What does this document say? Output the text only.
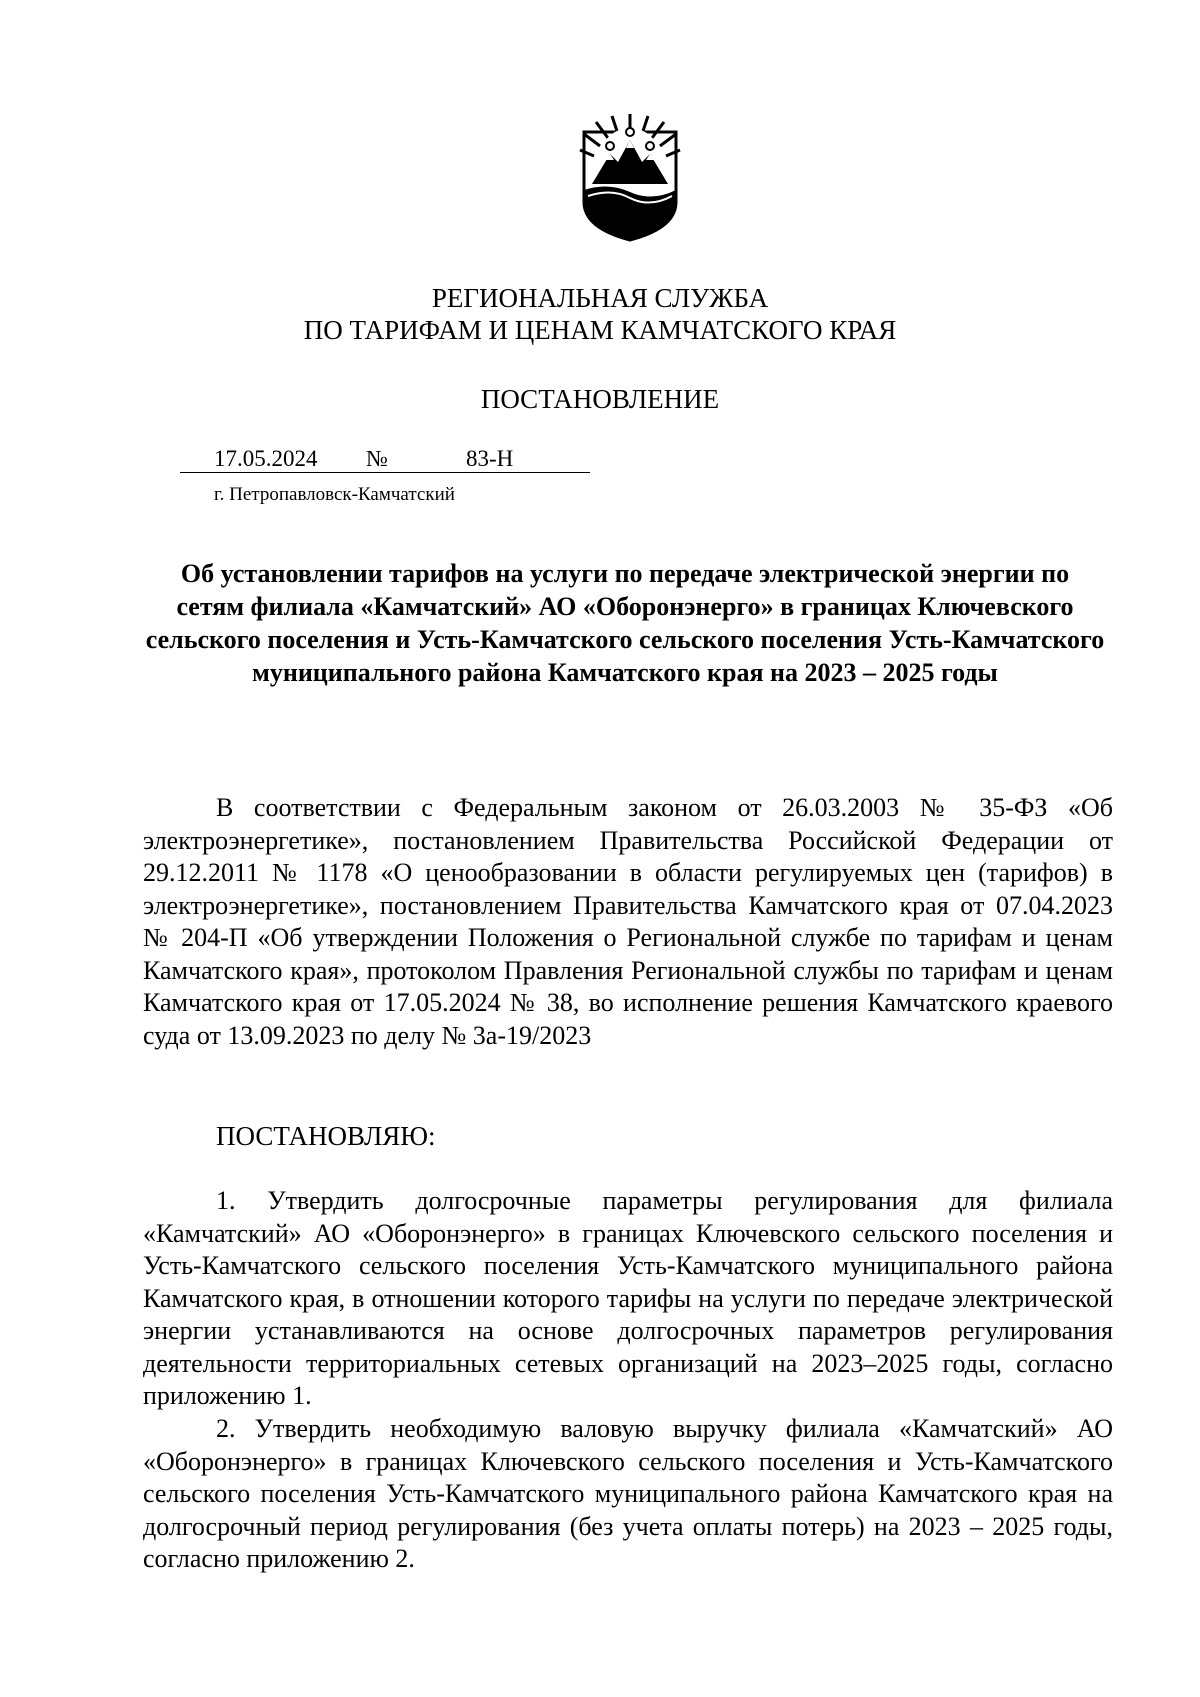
РЕГИОНАЛЬНАЯ СЛУЖБА
ПО ТАРИФАМ И ЦЕНАМ КАМЧАТСКОГО КРАЯ
ПОСТАНОВЛЕНИЕ
17.05.2024 №	83-Н
г. Петропавловск-Камчатский
Об установлении тарифов на услуги по передаче электрической энергии по сетям филиала «Камчатский» АО «Оборонэнерго» в границах Ключевского сельского поселения и Усть-Камчатского сельского поселения Усть-Камчатского муниципального района Камчатского края на 2023 – 2025 годы

В соответствии с Федеральным законом от 26.03.2003 № 35-ФЗ «Об электроэнергетике», постановлением Правительства Российской Федерации от 29.12.2011 № 1178 «О ценообразовании в области регулируемых цен (тарифов) в электроэнергетике», постановлением Правительства Камчатского края от 07.04.2023 № 204-П «Об утверждении Положения о Региональной службе по тарифам и ценам Камчатского края», протоколом Правления Региональной службы по тарифам и ценам Камчатского края от 17.05.2024 № 38, во исполнение решения Камчатского краевого суда от 13.09.2023 по делу № 3а-19/2023

ПОСТАНОВЛЯЮ:

1. Утвердить долгосрочные параметры регулирования для филиала «Камчатский» АО «Оборонэнерго» в границах Ключевского сельского поселения и Усть-Камчатского сельского поселения Усть-Камчатского муниципального района Камчатского края, в отношении которого тарифы на услуги по передаче электрической энергии устанавливаются на основе долгосрочных параметров регулирования деятельности территориальных сетевых организаций на 2023–2025 годы, согласно приложению 1.

2. Утвердить необходимую валовую выручку филиала «Камчатский» АО «Оборонэнерго» в границах Ключевского сельского поселения и Усть-Камчатского сельского поселения Усть-Камчатского муниципального района Камчатского края на долгосрочный период регулирования (без учета оплаты потерь) на 2023 – 2025 годы, согласно приложению 2.
